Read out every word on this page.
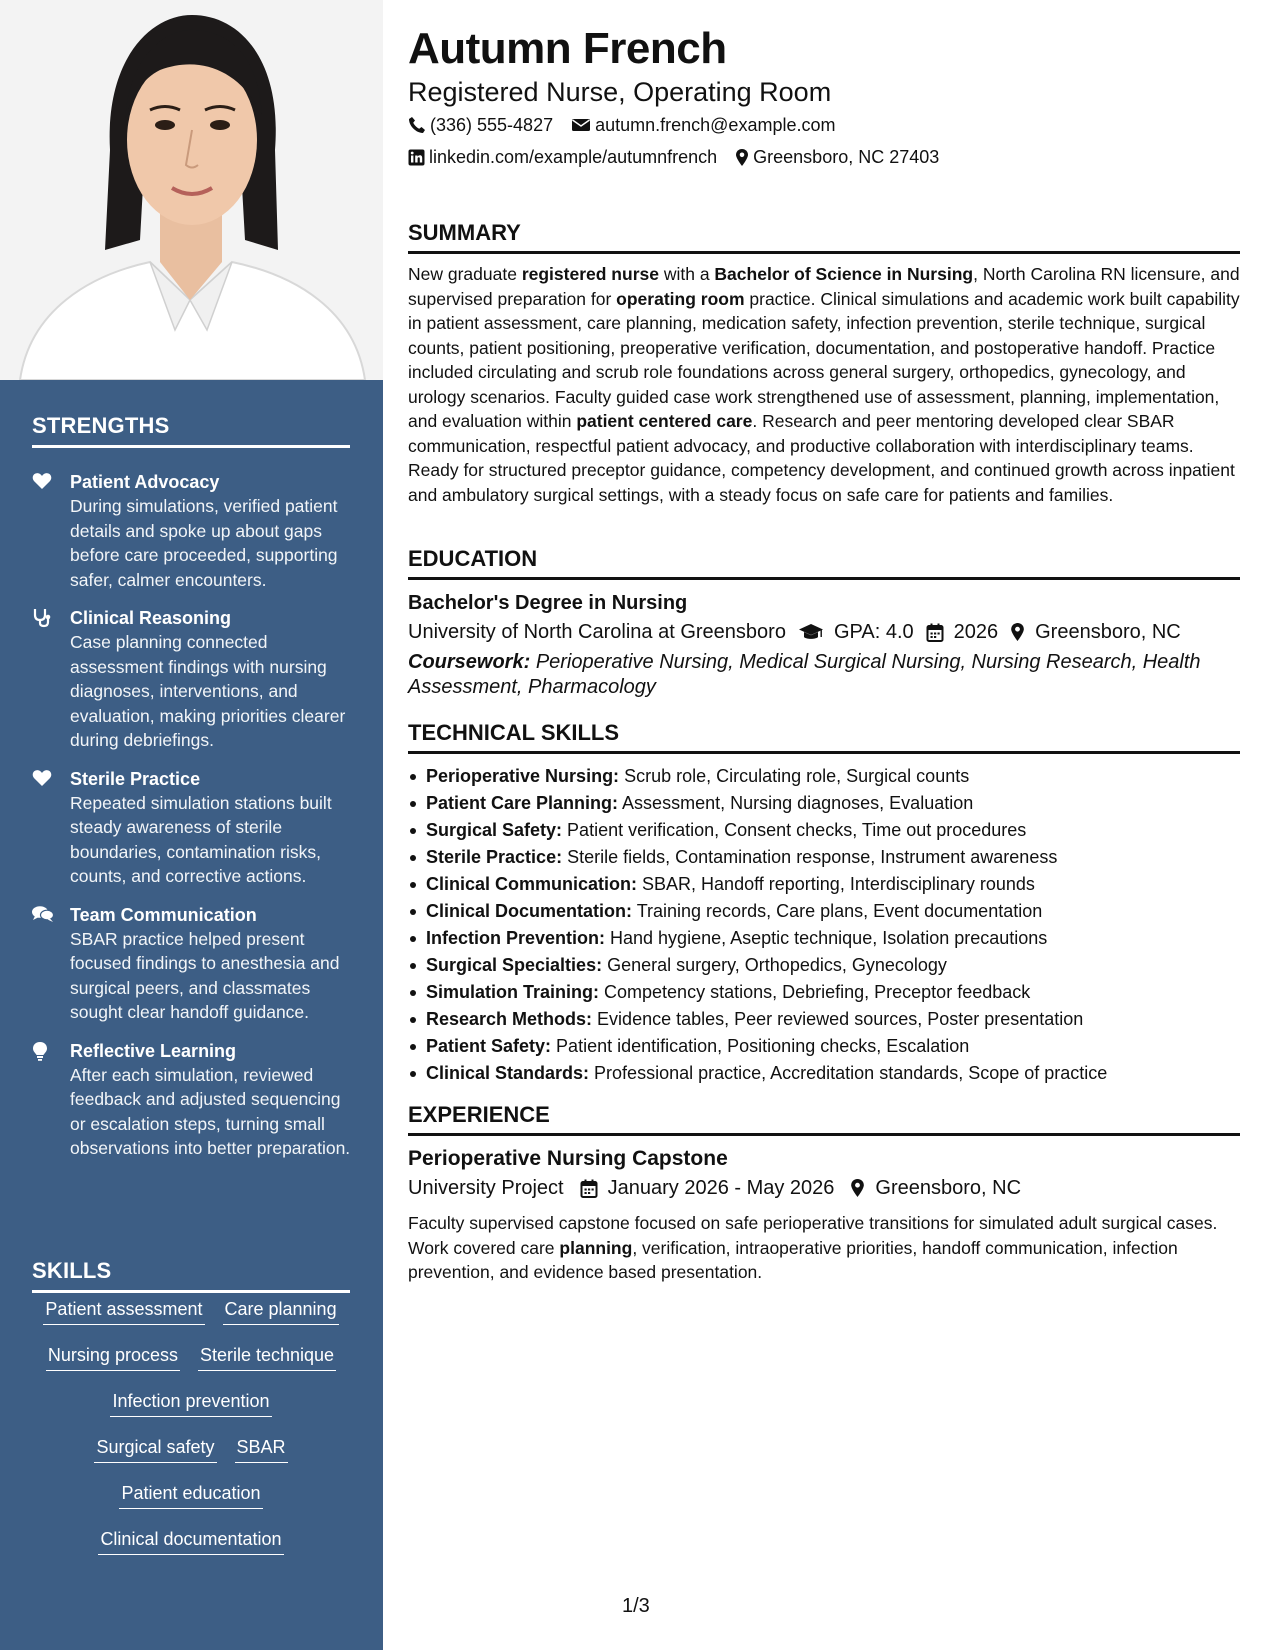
STRENGTHS
Patient Advocacy
During simulations, verified patient details and spoke up about gaps before care proceeded, supporting safer, calmer encounters.
Clinical Reasoning
Case planning connected assessment findings with nursing diagnoses, interventions, and evaluation, making priorities clearer during debriefings.
Sterile Practice
Repeated simulation stations built steady awareness of sterile boundaries, contamination risks, counts, and corrective actions.
Team Communication
SBAR practice helped present focused findings to anesthesia and surgical peers, and classmates sought clear handoff guidance.
Reflective Learning
After each simulation, reviewed feedback and adjusted sequencing or escalation steps, turning small observations into better preparation.
SKILLS
Patient assessment Care planning
Nursing process Sterile technique
Infection prevention
Surgical safety SBAR
Patient education
Clinical documentation
Autumn French
Registered Nurse, Operating Room
(336) 555-4827 autumn.french@example.com
linkedin.com/example/autumnfrench Greensboro, NC 27403
SUMMARY
New graduate registered nurse with a Bachelor of Science in Nursing, North Carolina RN licensure, and supervised preparation for operating room practice. Clinical simulations and academic work built capability in patient assessment, care planning, medication safety, infection prevention, sterile technique, surgical counts, patient positioning, preoperative verification, documentation, and postoperative handoff. Practice included circulating and scrub role foundations across general surgery, orthopedics, gynecology, and urology scenarios. Faculty guided case work strengthened use of assessment, planning, implementation, and evaluation within patient centered care. Research and peer mentoring developed clear SBAR communication, respectful patient advocacy, and productive collaboration with interdisciplinary teams. Ready for structured preceptor guidance, competency development, and continued growth across inpatient and ambulatory surgical settings, with a steady focus on safe care for patients and families.
EDUCATION
Bachelor's Degree in Nursing
University of North Carolina at Greensboro GPA: 4.0 2026 Greensboro, NC
Coursework: Perioperative Nursing, Medical Surgical Nursing, Nursing Research, Health Assessment, Pharmacology
TECHNICAL SKILLS
Perioperative Nursing: Scrub role, Circulating role, Surgical counts
Patient Care Planning: Assessment, Nursing diagnoses, Evaluation
Surgical Safety: Patient verification, Consent checks, Time out procedures
Sterile Practice: Sterile fields, Contamination response, Instrument awareness
Clinical Communication: SBAR, Handoff reporting, Interdisciplinary rounds
Clinical Documentation: Training records, Care plans, Event documentation
Infection Prevention: Hand hygiene, Aseptic technique, Isolation precautions
Surgical Specialties: General surgery, Orthopedics, Gynecology
Simulation Training: Competency stations, Debriefing, Preceptor feedback
Research Methods: Evidence tables, Peer reviewed sources, Poster presentation
Patient Safety: Patient identification, Positioning checks, Escalation
Clinical Standards: Professional practice, Accreditation standards, Scope of practice
EXPERIENCE
Perioperative Nursing Capstone
University Project January 2026 - May 2026 Greensboro, NC
Faculty supervised capstone focused on safe perioperative transitions for simulated adult surgical cases. Work covered care planning, verification, intraoperative priorities, handoff communication, infection prevention, and evidence based presentation.
1/3
